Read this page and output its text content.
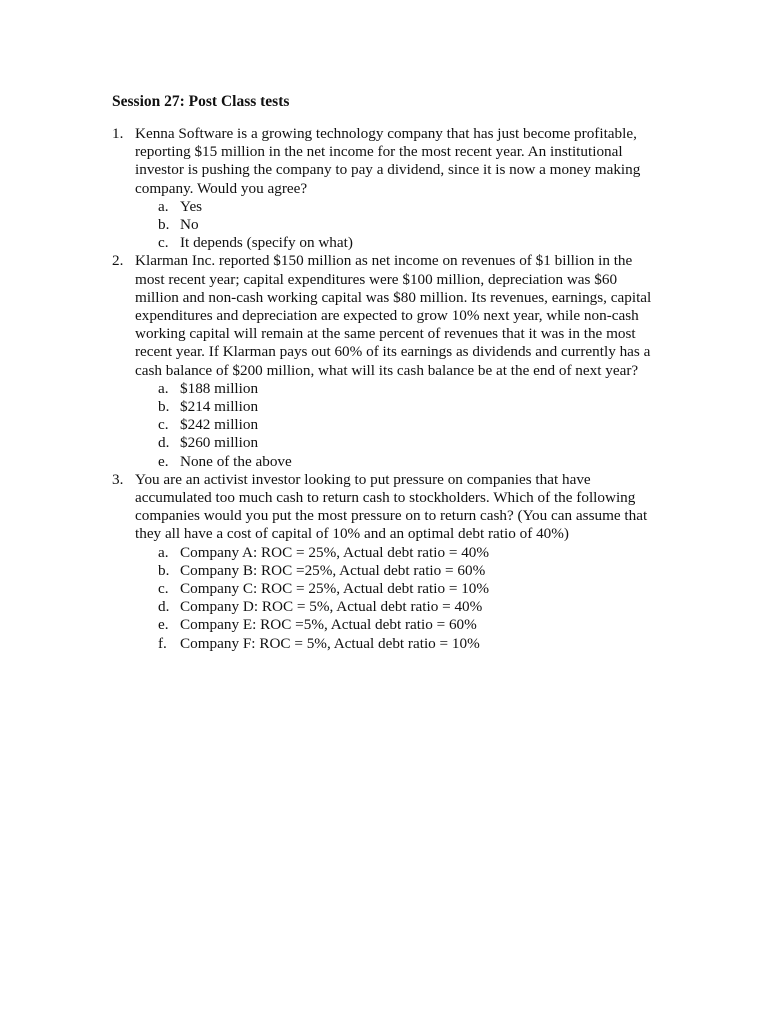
Session 27: Post Class tests
1. Kenna Software is a growing technology company that has just become profitable, reporting $15 million in the net income for the most recent year. An institutional investor is pushing the company to pay a dividend, since it is now a money making company. Would you agree?
a. Yes
b. No
c. It depends (specify on what)
2. Klarman Inc. reported $150 million as net income on revenues of $1 billion in the most recent year; capital expenditures were $100 million, depreciation was $60 million and non-cash working capital was $80 million. Its revenues, earnings, capital expenditures and depreciation are expected to grow 10% next year, while non-cash working capital will remain at the same percent of revenues that it was in the most recent year. If Klarman pays out 60% of its earnings as dividends and currently has a cash balance of $200 million, what will its cash balance be at the end of next year?
a. $188 million
b. $214 million
c. $242 million
d. $260 million
e. None of the above
3. You are an activist investor looking to put pressure on companies that have accumulated too much cash to return cash to stockholders. Which of the following companies would you put the most pressure on to return cash? (You can assume that they all have a cost of capital of 10% and an optimal debt ratio of 40%)
a. Company A: ROC = 25%, Actual debt ratio = 40%
b. Company B: ROC =25%, Actual debt ratio = 60%
c. Company C: ROC = 25%, Actual debt ratio = 10%
d. Company D: ROC = 5%, Actual debt ratio = 40%
e. Company E: ROC =5%, Actual debt ratio = 60%
f. Company F: ROC = 5%, Actual debt ratio = 10%
